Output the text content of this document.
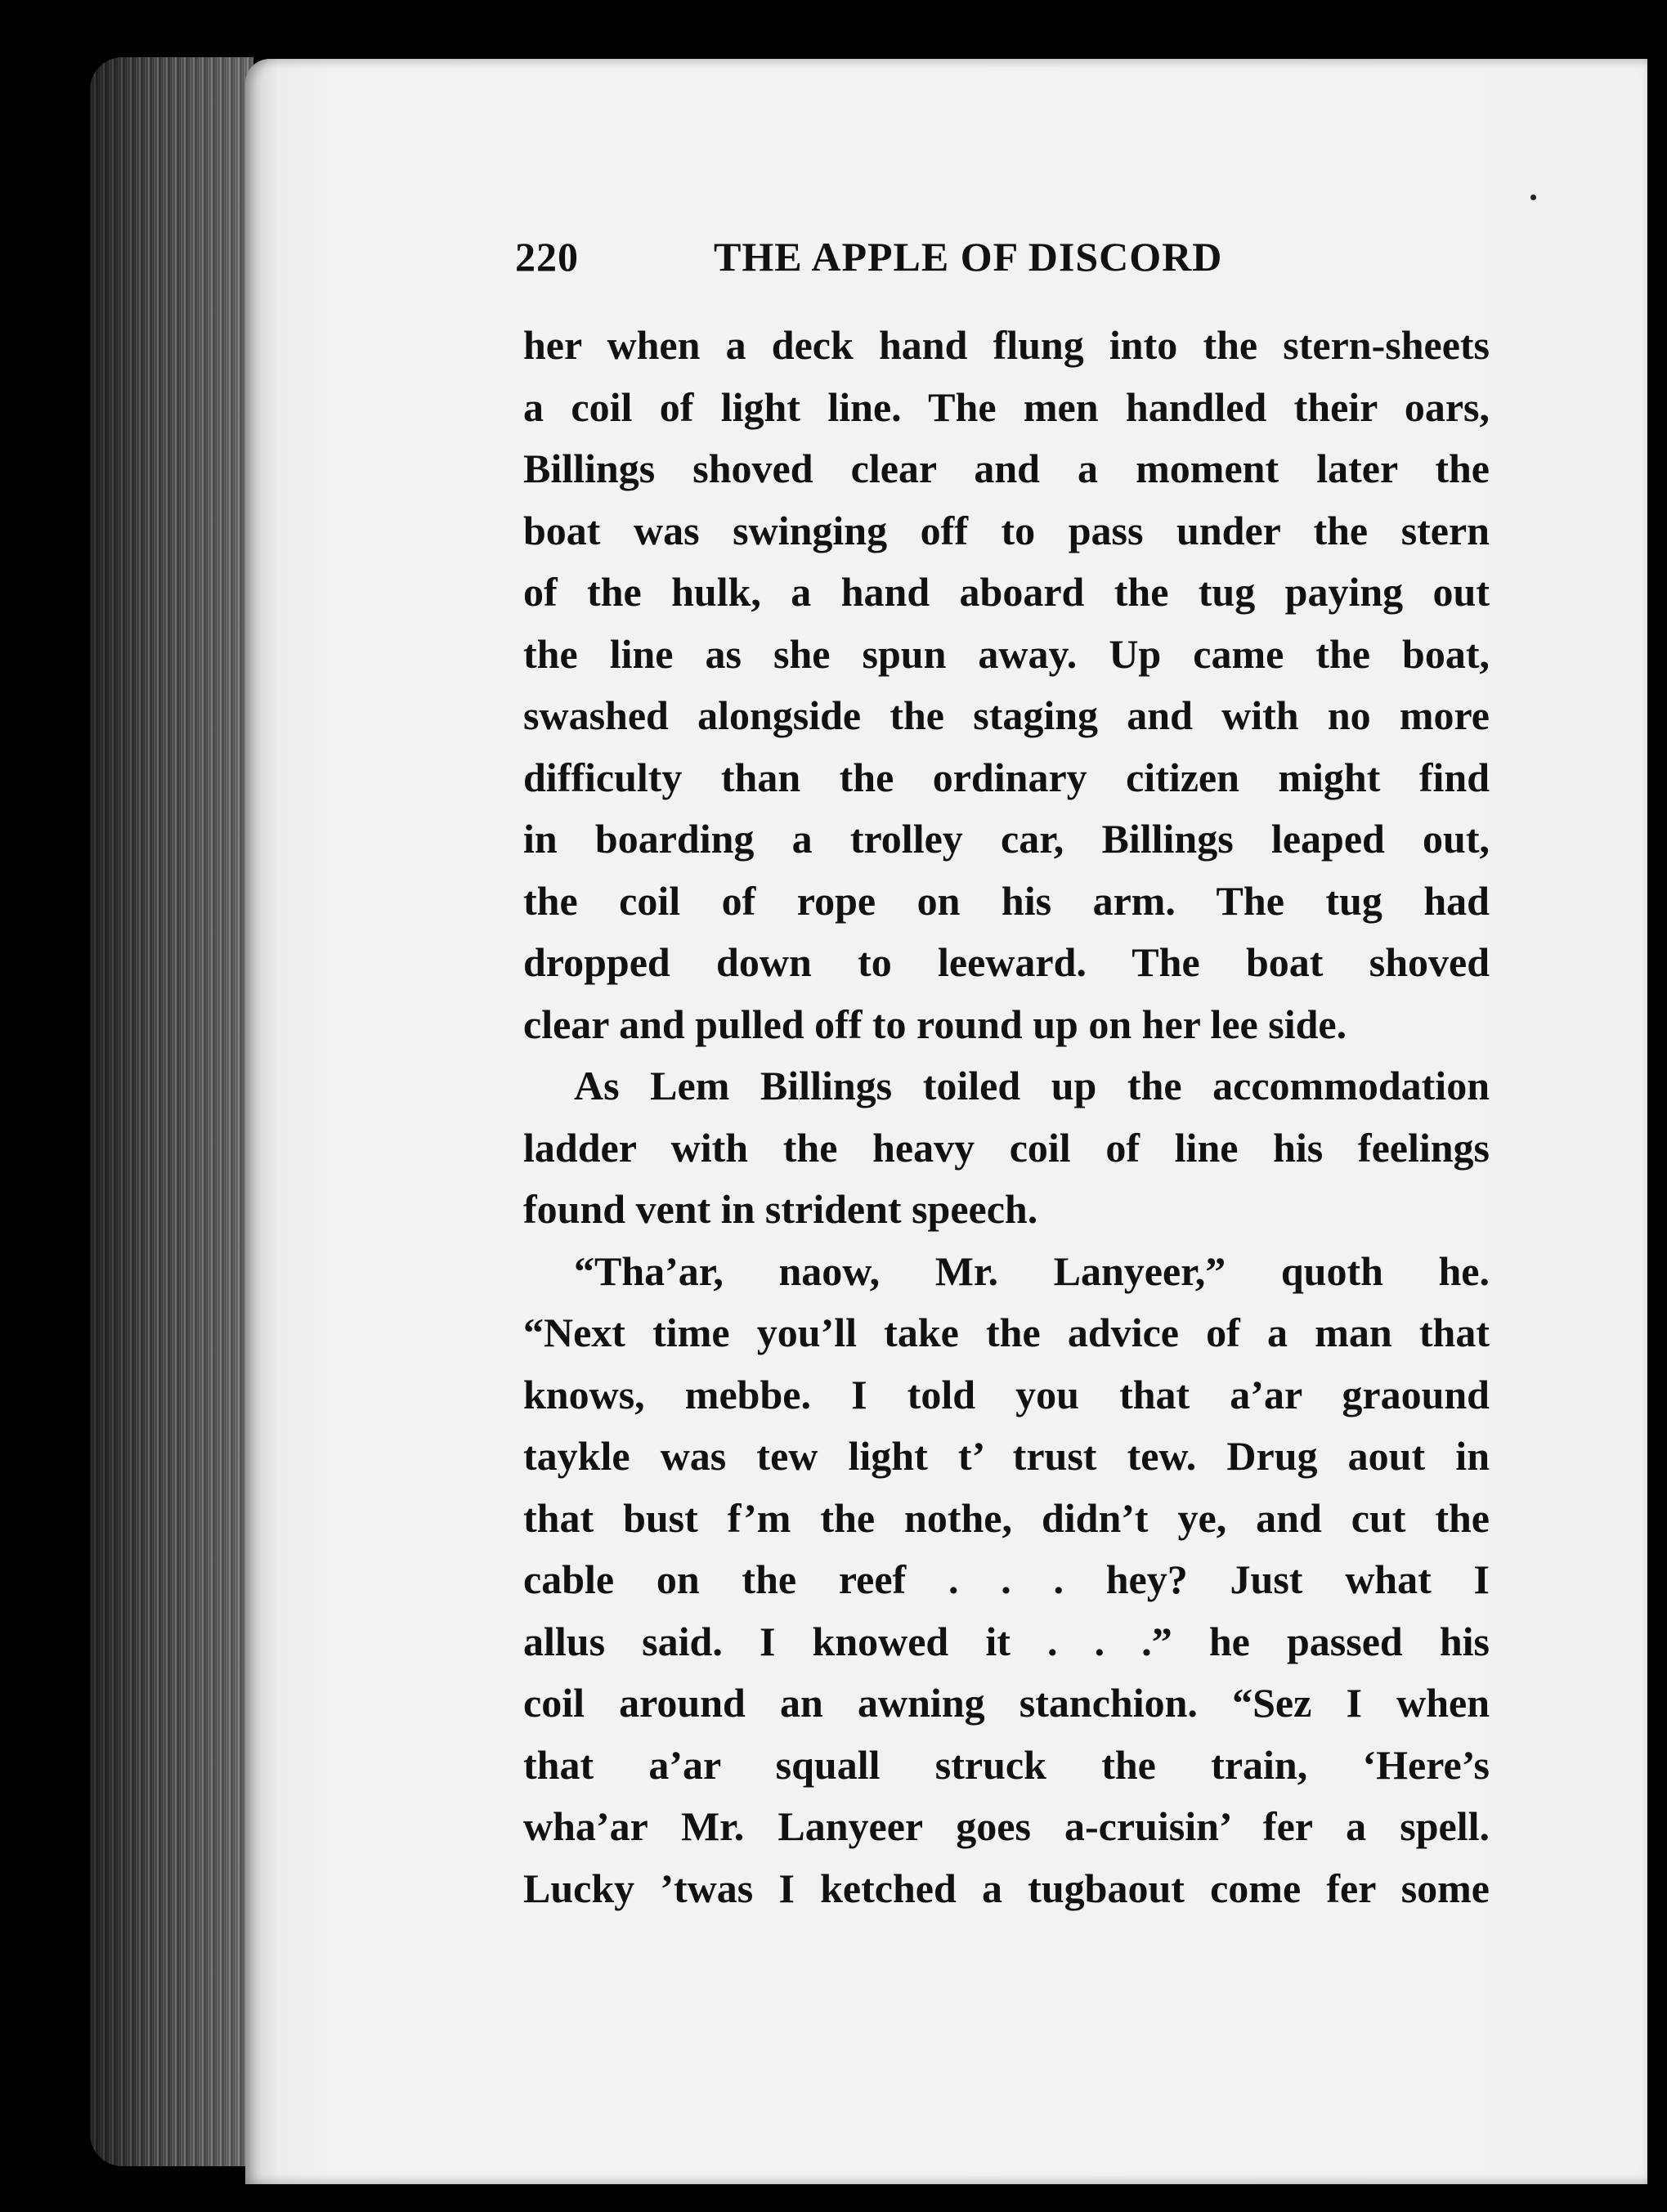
220	THE APPLE OF DISCORD
her when a deck hand flung into the stern-sheets
a coil of light line. The men handled their oars,
Billings shoved clear and a moment later the
boat was swinging off to pass under the stern
of the hulk, a hand aboard the tug paying out
the line as she spun away. Up came the boat,
swashed alongside the staging and with no more
difficulty than the ordinary citizen might find
in boarding a trolley car, Billings leaped out,
the coil of rope on his arm. The tug had
dropped down to leeward. The boat shoved
clear and pulled off to round up on her lee side.
As Lem Billings toiled up the accommodation
ladder with the heavy coil of line his feelings
found vent in strident speech.
“Tha’ar, naow, Mr. Lanyeer,” quoth he.
“Next time you’ll take the advice of a man that
knows, mebbe. I told you that a’ar graound
taykle was tew light t’ trust tew. Drug aout in
that bust f’m the nothe, didn’t ye, and cut the
cable on the reef . . . hey? Just what I
allus said. I knowed it . . .” he passed his
coil around an awning stanchion. “Sez I when
that a’ar squall struck the train, ‘Here’s
wha’ar Mr. Lanyeer goes a-cruisin’ fer a spell.
Lucky ’twas I ketched a tugbaout come fer some
